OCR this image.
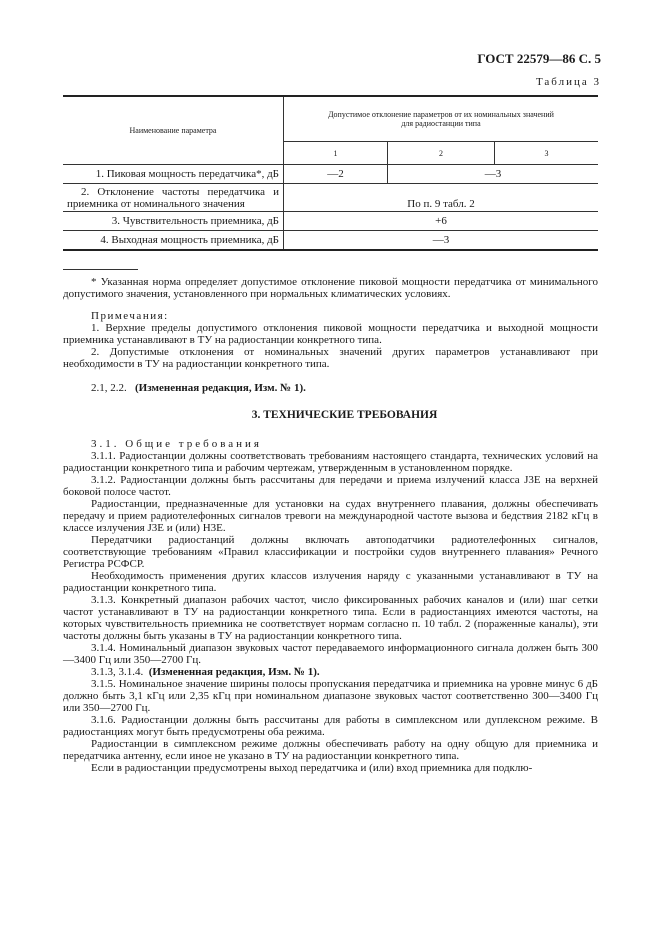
ГОСТ 22579—86 С. 5
Таблица 3
Наименование параметра	Допустимое отклонение параметров от их номинальных значений
для радиостанции типа		

	1	2	3
1. Пиковая мощность передатчика*, дБ	—2	—3	

2. Отклонение частоты передатчика и
приемника от номинального значения	По п. 9 табл. 2		
3. Чувствительность приемника, дБ	+6		
4. Выходная мощность приемника, дБ	—3		

* Указанная норма определяет допустимое отклонение пиковой мощности передатчика от минимального допустимого значения, установленного при нормальных климатических условиях.

Примечания:

1. Верхние пределы допустимого отклонения пиковой мощности передатчика и выходной мощности приемника устанавливают в ТУ на радиостанции конкретного типа.

2. Допустимые отклонения от номинальных значений других параметров устанавливают при необходимости в ТУ на радиостанции конкретного типа.

2.1, 2.2. (Измененная редакция, Изм. № 1).

3. ТЕХНИЧЕСКИЕ ТРЕБОВАНИЯ

3.1. Общие требования

3.1.1. Радиостанции должны соответствовать требованиям настоящего стандарта, технических условий на радиостанции конкретного типа и рабочим чертежам, утвержденным в установленном порядке.

3.1.2. Радиостанции должны быть рассчитаны для передачи и приема излучений класса J3E на верхней боковой полосе частот.

Радиостанции, предназначенные для установки на судах внутреннего плавания, должны обеспечивать передачу и прием радиотелефонных сигналов тревоги на международной частоте вызова и бедствия 2182 кГц в классе излучения J3E и (или) H3E.

Передатчики радиостанций должны включать автоподатчики радиотелефонных сигналов, соответствующие требованиям «Правил классификации и постройки судов внутреннего плавания» Речного Регистра РСФСР.

Необходимость применения других классов излучения наряду с указанными устанавливают в ТУ на радиостанции конкретного типа.

3.1.3. Конкретный диапазон рабочих частот, число фиксированных рабочих каналов и (или) шаг сетки частот устанавливают в ТУ на радиостанции конкретного типа. Если в радиостанциях имеются частоты, на которых чувствительность приемника не соответствует нормам согласно п. 10 табл. 2 (пораженные каналы), эти частоты должны быть указаны в ТУ на радиостанции конкретного типа.

3.1.4. Номинальный диапазон звуковых частот передаваемого информационного сигнала должен быть 300—3400 Гц или 350—2700 Гц.

3.1.3, 3.1.4. (Измененная редакция, Изм. № 1).

3.1.5. Номинальное значение ширины полосы пропускания передатчика и приемника на уровне минус 6 дБ должно быть 3,1 кГц или 2,35 кГц при номинальном диапазоне звуковых частот соответственно 300—3400 Гц или 350—2700 Гц.

3.1.6. Радиостанции должны быть рассчитаны для работы в симплексном или дуплексном режиме. В радиостанциях могут быть предусмотрены оба режима.

Радиостанции в симплексном режиме должны обеспечивать работу на одну общую для приемника и передатчика антенну, если иное не указано в ТУ на радиостанции конкретного типа.

Если в радиостанции предусмотрены выход передатчика и (или) вход приемника для подклю-
